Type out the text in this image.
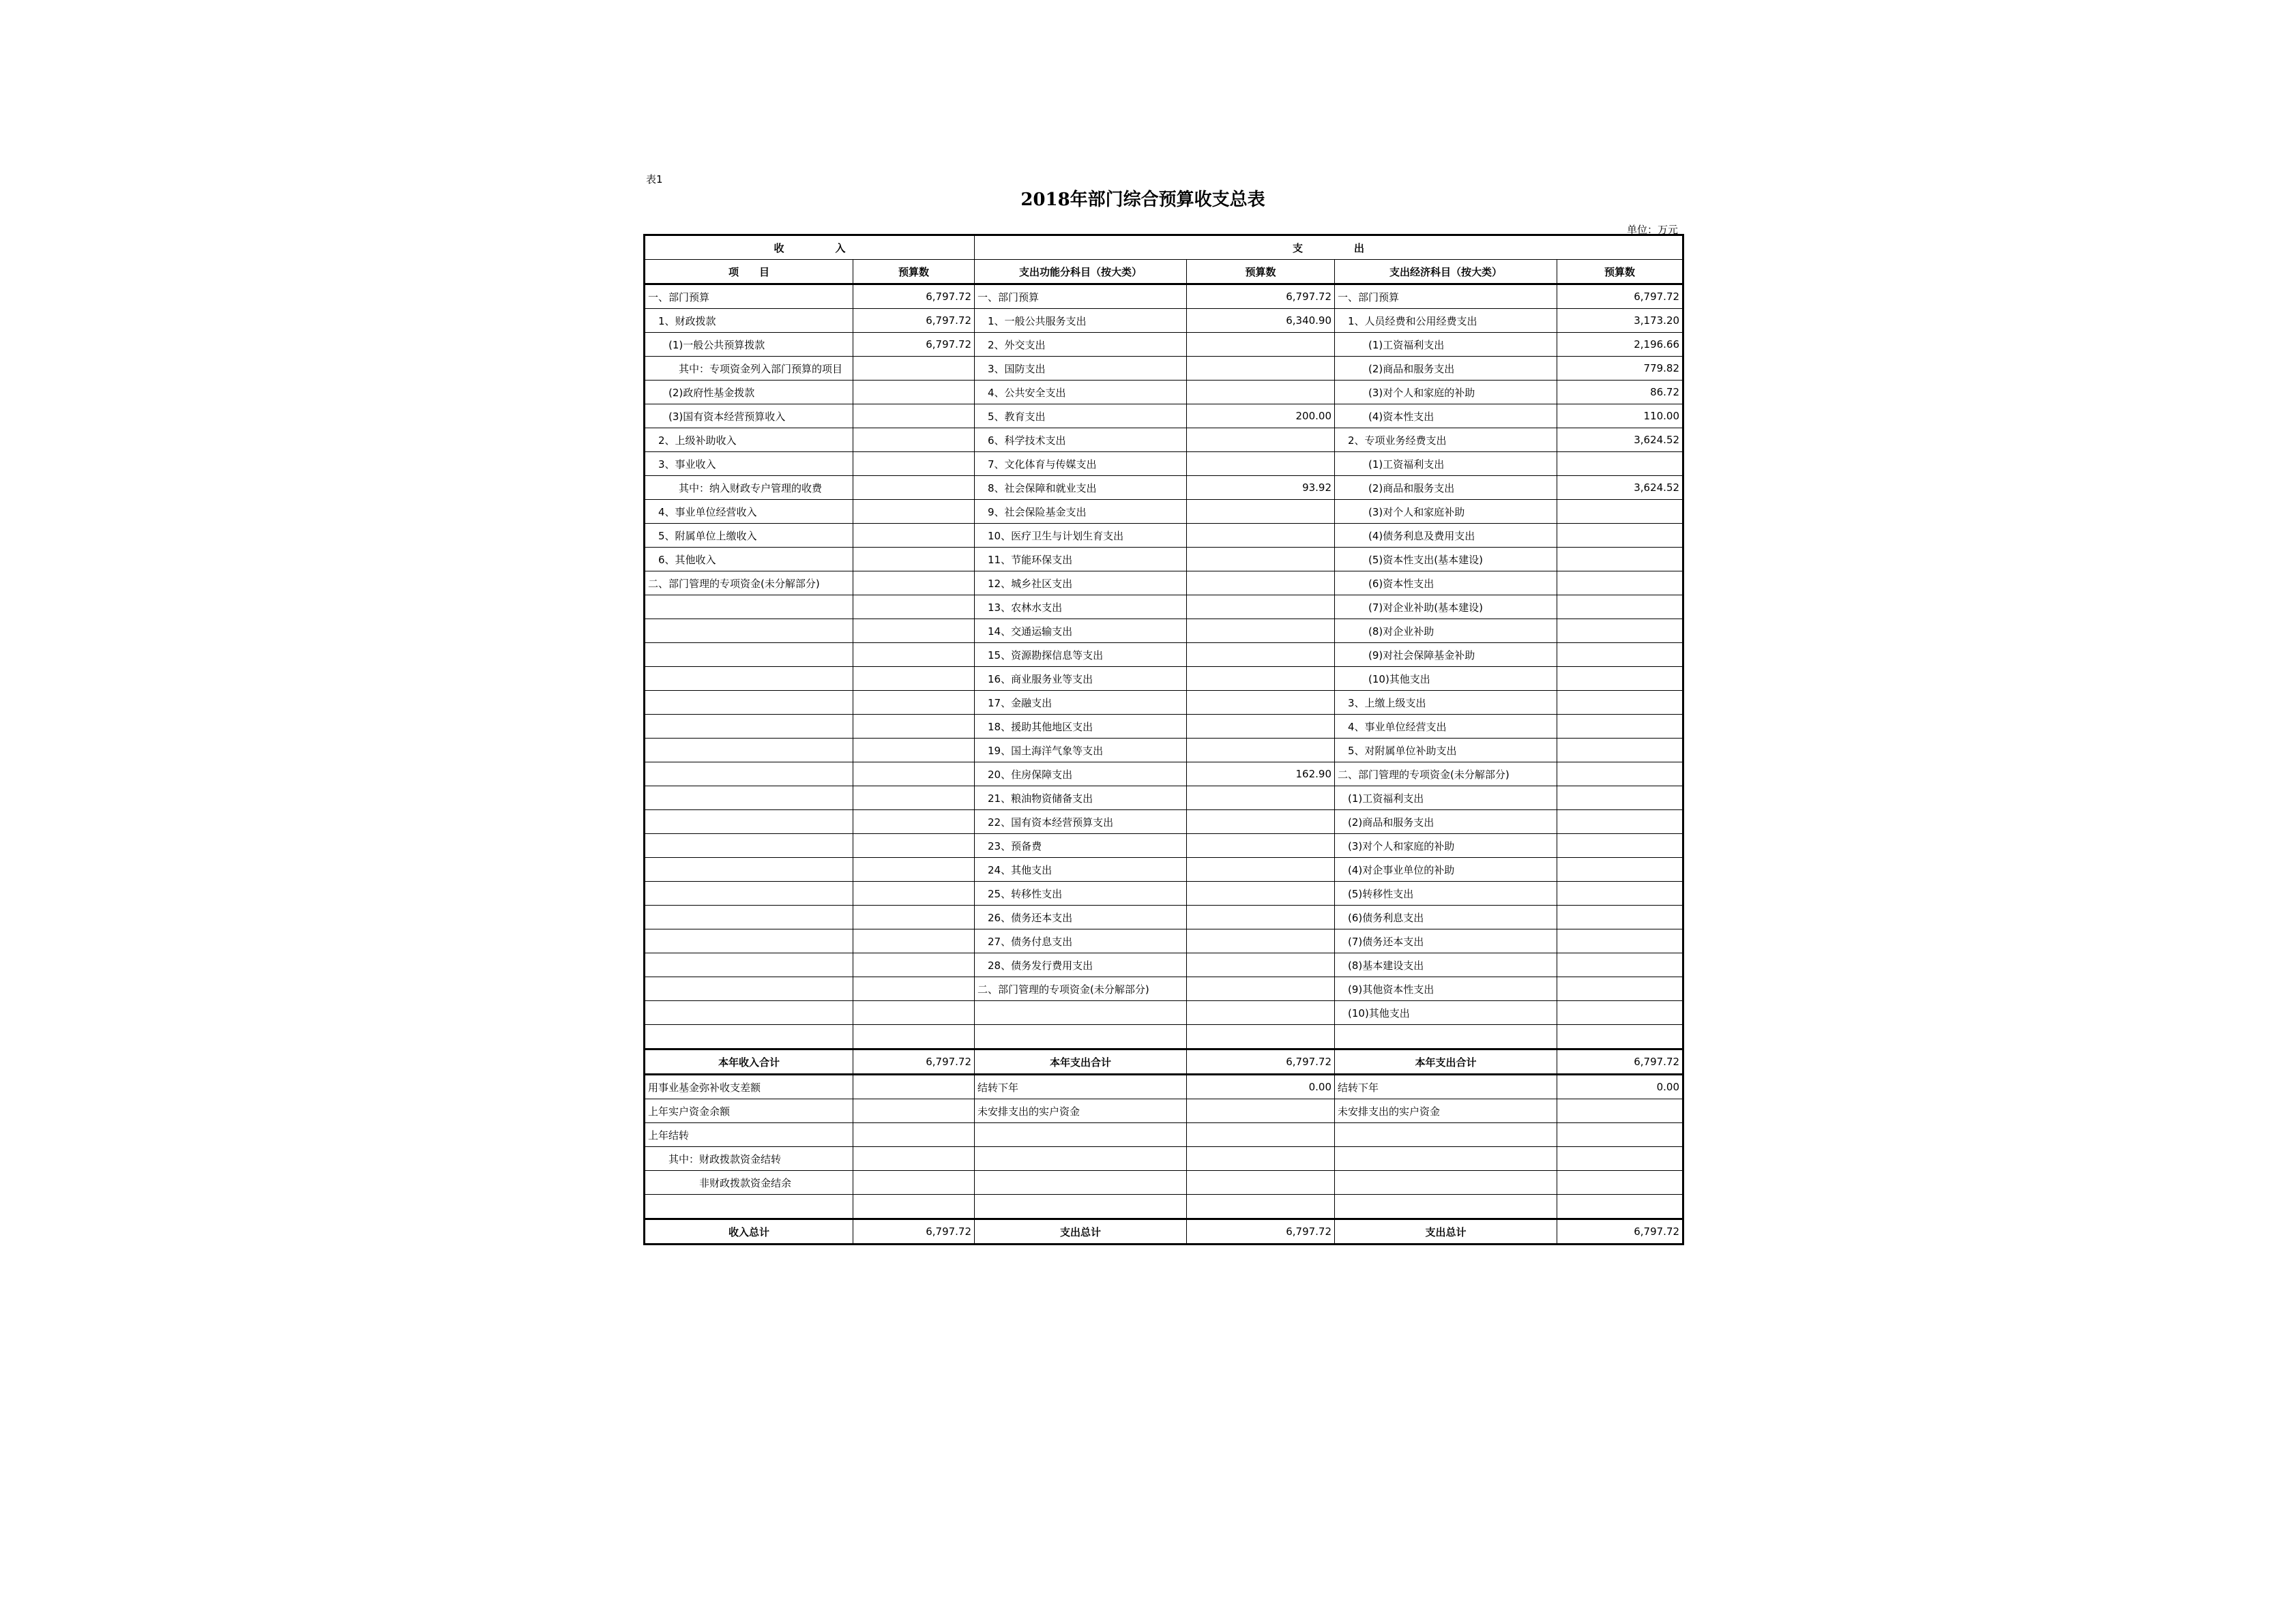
表1
2018年部门综合预算收支总表
单位：万元
收　　　　　入		支　　　　　出			
项　　目	预算数	支出功能分科目（按大类）	预算数	支出经济科目（按大类）	预算数
一、部门预算	6,797.72	一、部门预算	6,797.72	一、部门预算	6,797.72
　1、财政拨款	6,797.72	　1、一般公共服务支出	6,340.90	　1、人员经费和公用经费支出	3,173.20
　　(1)一般公共预算拨款	6,797.72	　2、外交支出		　　　(1)工资福利支出	2,196.66
　　　其中：专项资金列入部门预算的项目		　3、国防支出		　　　(2)商品和服务支出	779.82
　　(2)政府性基金拨款		　4、公共安全支出		　　　(3)对个人和家庭的补助	86.72
　　(3)国有资本经营预算收入		　5、教育支出	200.00	　　　(4)资本性支出	110.00
　2、上级补助收入		　6、科学技术支出		　2、专项业务经费支出	3,624.52
　3、事业收入		　7、文化体育与传媒支出		　　　(1)工资福利支出	
　　　其中：纳入财政专户管理的收费		　8、社会保障和就业支出	93.92	　　　(2)商品和服务支出	3,624.52
　4、事业单位经营收入		　9、社会保险基金支出		　　　(3)对个人和家庭补助	
　5、附属单位上缴收入		　10、医疗卫生与计划生育支出		　　　(4)债务利息及费用支出	
　6、其他收入		　11、节能环保支出		　　　(5)资本性支出(基本建设)	
二、部门管理的专项资金(未分解部分)		　12、城乡社区支出		　　　(6)资本性支出	
		　13、农林水支出		　　　(7)对企业补助(基本建设)	
		　14、交通运输支出		　　　(8)对企业补助	
		　15、资源勘探信息等支出		　　　(9)对社会保障基金补助	
		　16、商业服务业等支出		　　　(10)其他支出	
		　17、金融支出		　3、上缴上级支出	
		　18、援助其他地区支出		　4、事业单位经营支出	
		　19、国土海洋气象等支出		　5、对附属单位补助支出	
		　20、住房保障支出	162.90	二、部门管理的专项资金(未分解部分)	
		　21、粮油物资储备支出		　(1)工资福利支出	
		　22、国有资本经营预算支出		　(2)商品和服务支出	
		　23、预备费		　(3)对个人和家庭的补助	
		　24、其他支出		　(4)对企事业单位的补助	
		　25、转移性支出		　(5)转移性支出	
		　26、债务还本支出		　(6)债务利息支出	
		　27、债务付息支出		　(7)债务还本支出	
		　28、债务发行费用支出		　(8)基本建设支出	
		二、部门管理的专项资金(未分解部分)		　(9)其他资本性支出	
				　(10)其他支出	

本年收入合计	6,797.72	本年支出合计	6,797.72	本年支出合计	6,797.72
用事业基金弥补收支差额		结转下年	0.00	结转下年	0.00
上年实户资金余额		未安排支出的实户资金		未安排支出的实户资金	
上年结转					
　　其中：财政拨款资金结转					
　　　　　非财政拨款资金结余					

收入总计	6,797.72	支出总计	6,797.72	支出总计	6,797.72
